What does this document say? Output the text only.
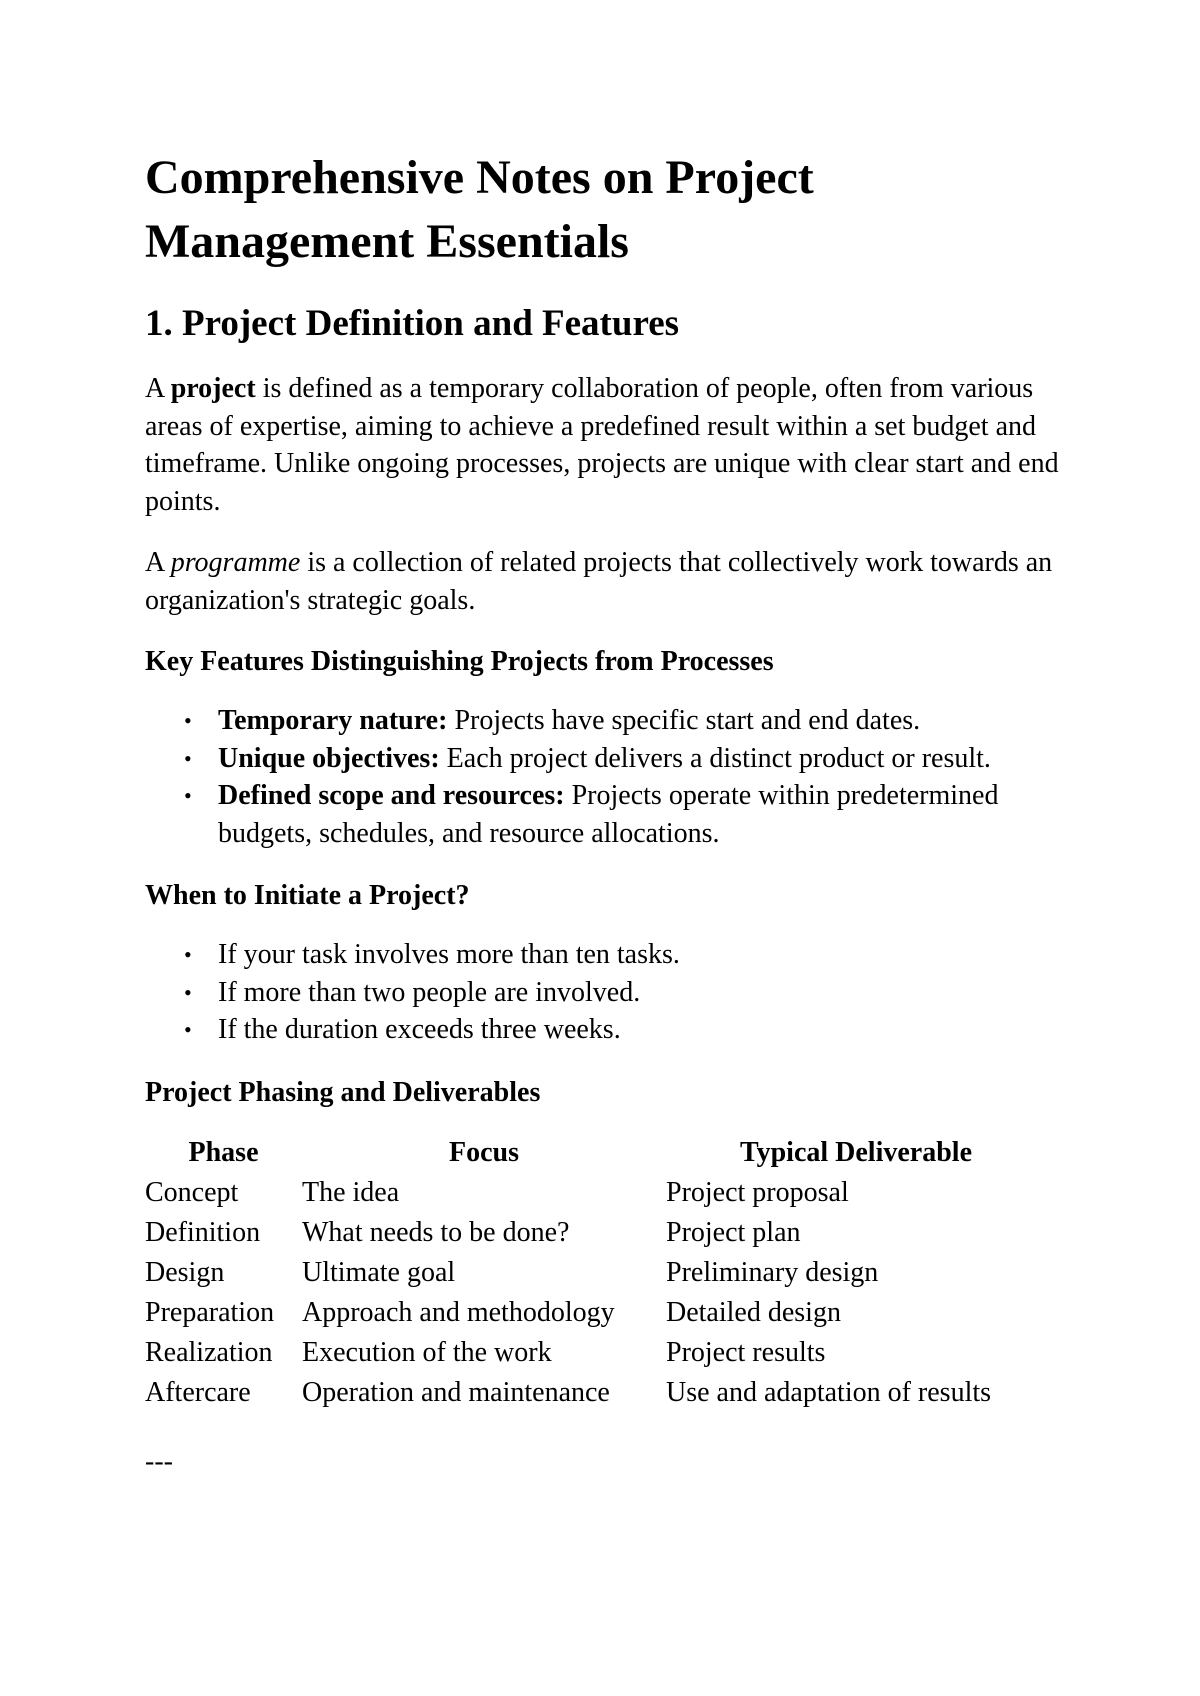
Comprehensive Notes on Project Management Essentials
1. Project Definition and Features

A project is defined as a temporary collaboration of people, often from various areas of expertise, aiming to achieve a predefined result within a set budget and timeframe. Unlike ongoing processes, projects are unique with clear start and end points.

A programme is a collection of related projects that collectively work towards an organization's strategic goals.

Key Features Distinguishing Projects from Processes
• Temporary nature: Projects have specific start and end dates.
• Unique objectives: Each project delivers a distinct product or result.
• Defined scope and resources: Projects operate within predetermined budgets, schedules, and resource allocations.
When to Initiate a Project?
• If your task involves more than ten tasks.
• If more than two people are involved.
• If the duration exceeds three weeks.
Project Phasing and Deliverables
Phase	Focus	Typical Deliverable
Concept	The idea	Project proposal
Definition	What needs to be done?	Project plan
Design	Ultimate goal	Preliminary design
Preparation	Approach and methodology	Detailed design
Realization	Execution of the work	Project results
Aftercare	Operation and maintenance	Use and adaptation of results

---
